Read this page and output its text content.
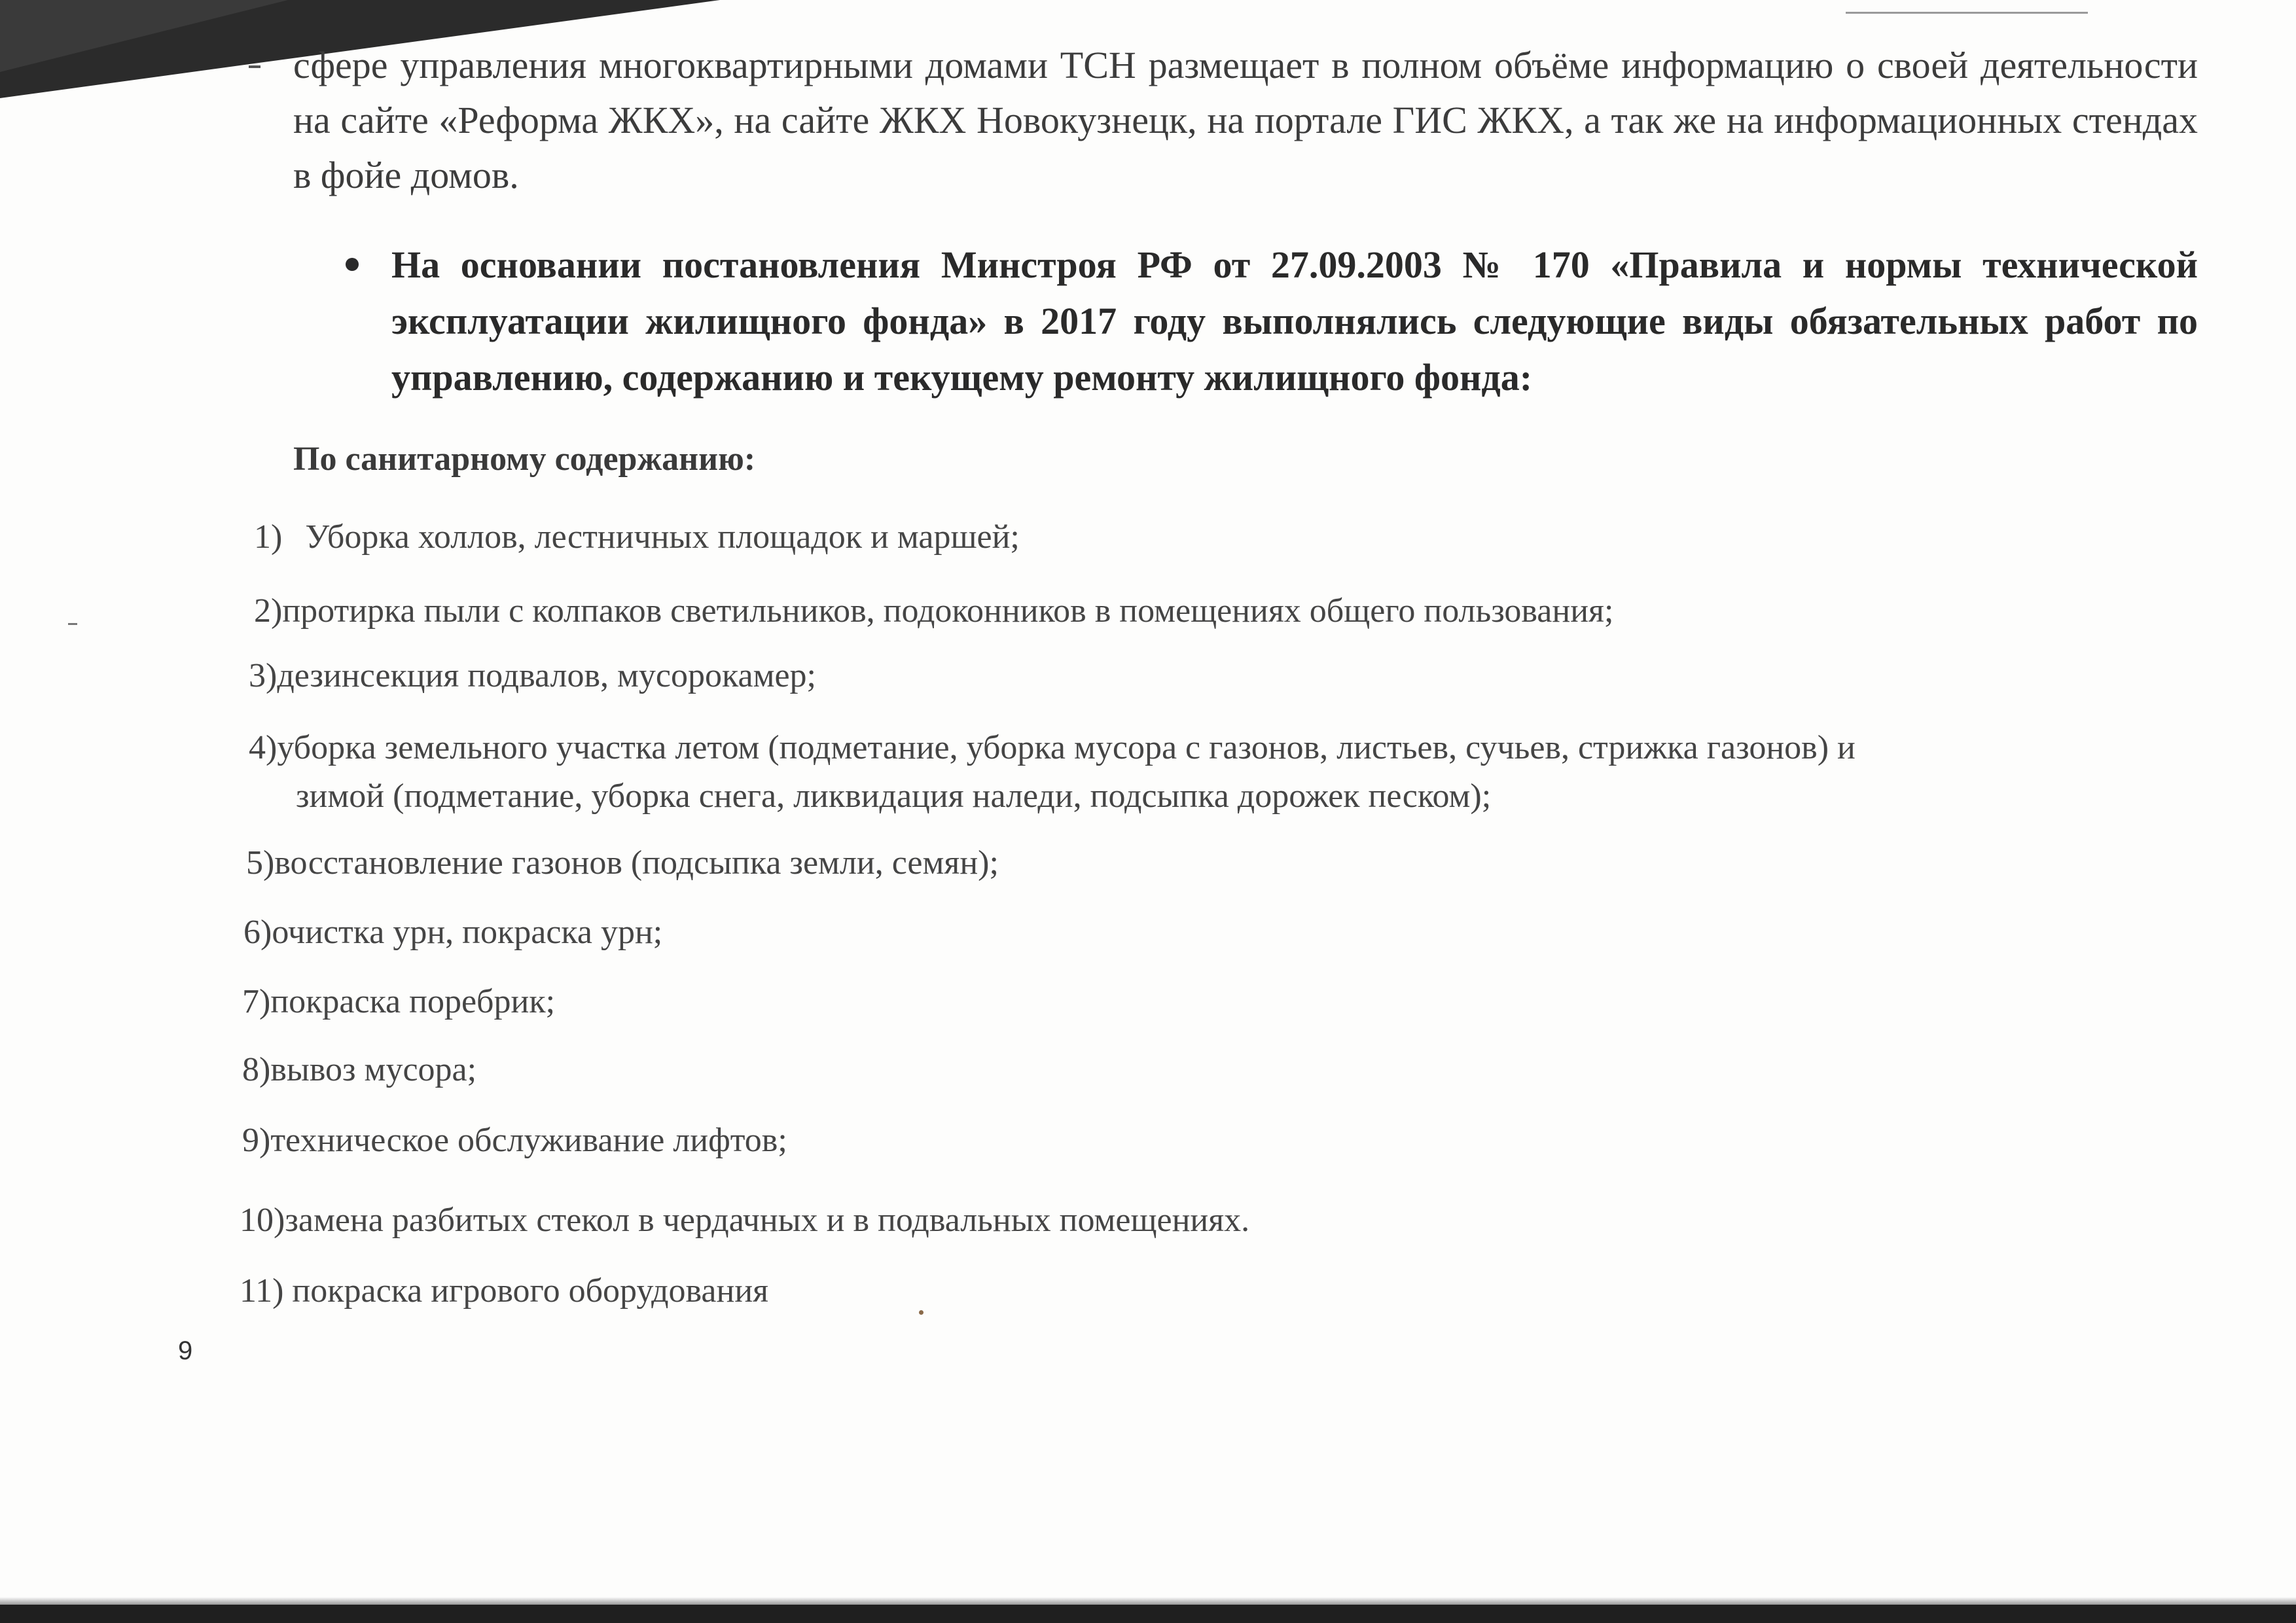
сфере управления многоквартирными домами ТСН размещает в полном объёме информацию о своей деятельности на сайте «Реформа ЖКХ», на сайте ЖКХ Новокузнецк, на портале ГИС ЖКХ, а так же на информационных стендах в фойе домов.

На основании постановления Минстроя РФ от 27.09.2003 № 170 «Правила и нормы технической эксплуатации жилищного фонда» в 2017 году выполнялись следующие виды обязательных работ по управлению, содержанию и текущему ремонту жилищного фонда:

По санитарному содержанию:
1) Уборка холлов, лестничных площадок и маршей;
2)протирка пыли с колпаков светильников, подоконников в помещениях общего пользования;
3)дезинсекция подвалов, мусорокамер;
4)уборка земельного участка летом (подметание, уборка мусора с газонов, листьев, сучьев, стрижка газонов) и
зимой (подметание, уборка снега, ликвидация наледи, подсыпка дорожек песком);
5)восстановление газонов (подсыпка земли, семян);
6)очистка урн, покраска урн;
7)покраска поребрик;
8)вывоз мусора;
9)техническое обслуживание лифтов;
10)замена разбитых стекол в чердачных и в подвальных помещениях.
11) покраска игрового оборудования
9
